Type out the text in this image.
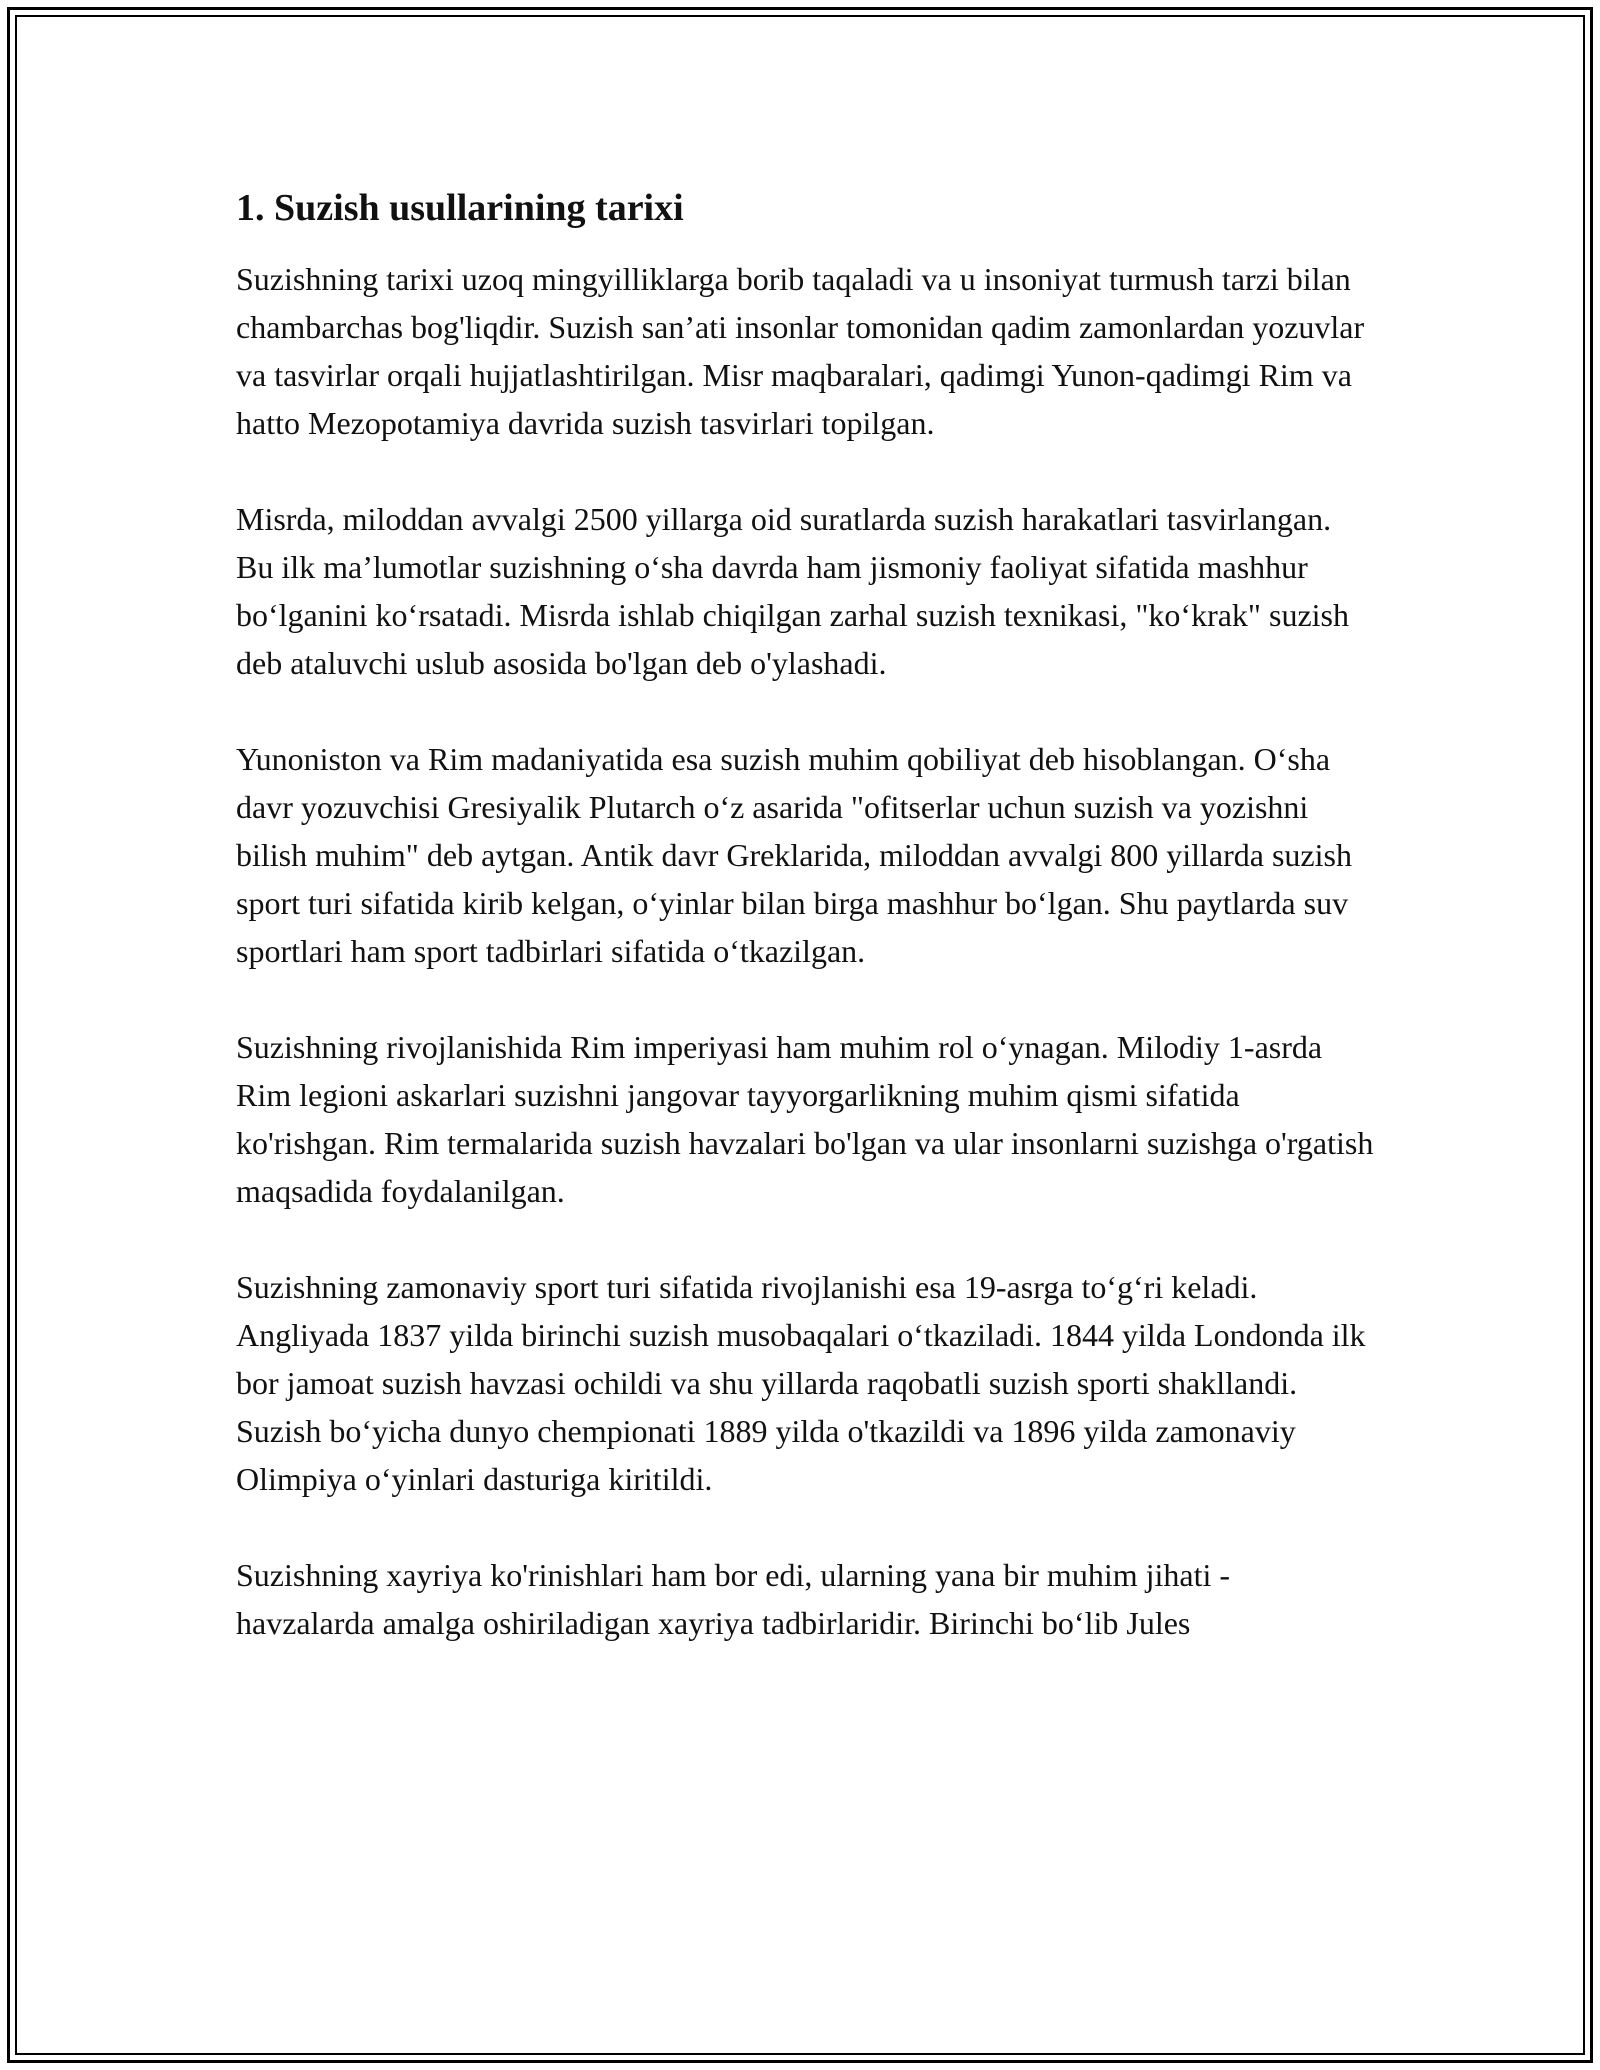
1. Suzish usullarining tarixi

Suzishning tarixi uzoq mingyilliklarga borib taqaladi va u insoniyat turmush tarzi bilan chambarchas bog'liqdir. Suzish san’ati insonlar tomonidan qadim zamonlardan yozuvlar va tasvirlar orqali hujjatlashtirilgan. Misr maqbaralari, qadimgi Yunon-qadimgi Rim va hatto Mezopotamiya davrida suzish tasvirlari topilgan.

Misrda, miloddan avvalgi 2500 yillarga oid suratlarda suzish harakatlari tasvirlangan. Bu ilk ma’lumotlar suzishning o‘sha davrda ham jismoniy faoliyat sifatida mashhur bo‘lganini ko‘rsatadi. Misrda ishlab chiqilgan zarhal suzish texnikasi, "ko‘krak" suzish deb ataluvchi uslub asosida bo'lgan deb o'ylashadi.

Yunoniston va Rim madaniyatida esa suzish muhim qobiliyat deb hisoblangan. O‘sha davr yozuvchisi Gresiyalik Plutarch o‘z asarida "ofitserlar uchun suzish va yozishni bilish muhim" deb aytgan. Antik davr Greklarida, miloddan avvalgi 800 yillarda suzish sport turi sifatida kirib kelgan, o‘yinlar bilan birga mashhur bo‘lgan. Shu paytlarda suv sportlari ham sport tadbirlari sifatida o‘tkazilgan.

Suzishning rivojlanishida Rim imperiyasi ham muhim rol o‘ynagan. Milodiy 1-asrda Rim legioni askarlari suzishni jangovar tayyorgarlikning muhim qismi sifatida ko'rishgan. Rim termalarida suzish havzalari bo'lgan va ular insonlarni suzishga o'rgatish maqsadida foydalanilgan.

Suzishning zamonaviy sport turi sifatida rivojlanishi esa 19-asrga to‘g‘ri keladi. Angliyada 1837 yilda birinchi suzish musobaqalari o‘tkaziladi. 1844 yilda Londonda ilk bor jamoat suzish havzasi ochildi va shu yillarda raqobatli suzish sporti shakllandi. Suzish bo‘yicha dunyo chempionati 1889 yilda o'tkazildi va 1896 yilda zamonaviy Olimpiya o‘yinlari dasturiga kiritildi.

Suzishning xayriya ko'rinishlari ham bor edi, ularning yana bir muhim jihati - havzalarda amalga oshiriladigan xayriya tadbirlaridir. Birinchi bo‘lib Jules
